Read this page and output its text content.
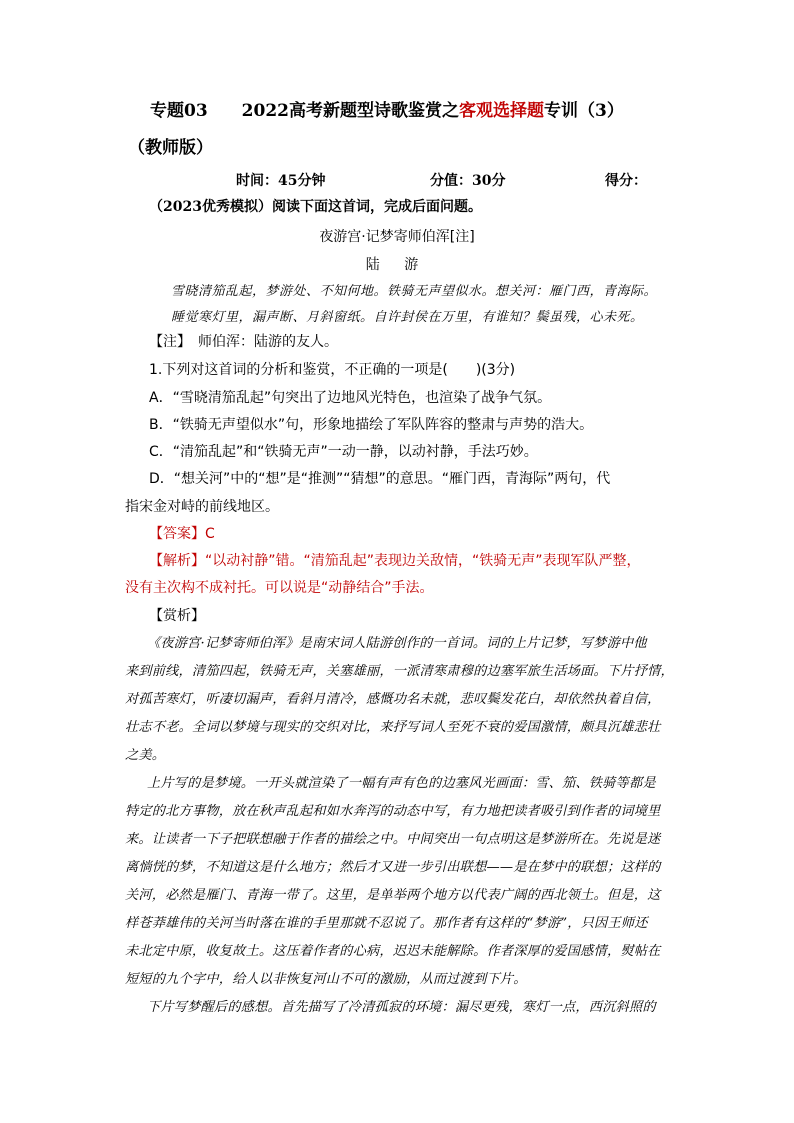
专题03　　2022高考新题型诗歌鉴赏之客观选择题专训（3）
（教师版）
时间：45分钟	分值：30分	得分：
（2023优秀模拟）阅读下面这首词，完成后面问题。
夜游宫·记梦寄师伯浑[注]
陆 游
雪晓清笳乱起，梦游处、不知何地。铁骑无声望似水。想关河：雁门西，青海际。
睡觉寒灯里，漏声断、月斜窗纸。自许封侯在万里，有谁知？鬓虽残，心未死。
【注】　师伯浑：陆游的友人。
1.下列对这首词的分析和鉴赏，不正确的一项是(　　)(3分)
A．“雪晓清笳乱起”句突出了边地风光特色，也渲染了战争气氛。
B．“铁骑无声望似水”句，形象地描绘了军队阵容的整肃与声势的浩大。
C．“清笳乱起”和“铁骑无声”一动一静，以动衬静，手法巧妙。
D．“想关河”中的“想”是“推测”“猜想”的意思。“雁门西，青海际”两句，代
指宋金对峙的前线地区。
【答案】C
【解析】“以动衬静”错。“清笳乱起”表现边关敌情，“铁骑无声”表现军队严整，
没有主次构不成衬托。可以说是“动静结合”手法。
【赏析】
《夜游宫·记梦寄师伯浑》是南宋词人陆游创作的一首词。词的上片记梦，写梦游中他
来到前线，清笳四起，铁骑无声，关塞雄丽，一派清寒肃穆的边塞军旅生活场面。下片抒情，
对孤苦寒灯，听凄切漏声，看斜月清冷，感慨功名未就，悲叹鬓发花白，却依然执着自信，
壮志不老。全词以梦境与现实的交织对比，来抒写词人至死不衰的爱国激情，颇具沉雄悲壮
之美。
上片写的是梦境。一开头就渲染了一幅有声有色的边塞风光画面：雪、笳、铁骑等都是
特定的北方事物，放在秋声乱起和如水奔泻的动态中写，有力地把读者吸引到作者的词境里
来。让读者一下子把联想融于作者的描绘之中。中间突出一句点明这是梦游所在。先说是迷
离惝恍的梦，不知道这是什么地方；然后才又进一步引出联想——是在梦中的联想；这样的
关河，必然是雁门、青海一带了。这里，是单举两个地方以代表广阔的西北领土。但是，这
样苍莽雄伟的关河当时落在谁的手里那就不忍说了。那作者有这样的“梦游”，只因王师还
未北定中原，收复故土。这压着作者的心病，迟迟未能解除。作者深厚的爱国感情，熨帖在
短短的九个字中，给人以非恢复河山不可的激励，从而过渡到下片。
下片写梦醒后的感想。首先描写了冷清孤寂的环境：漏尽更残，寒灯一点，西沉斜照的
